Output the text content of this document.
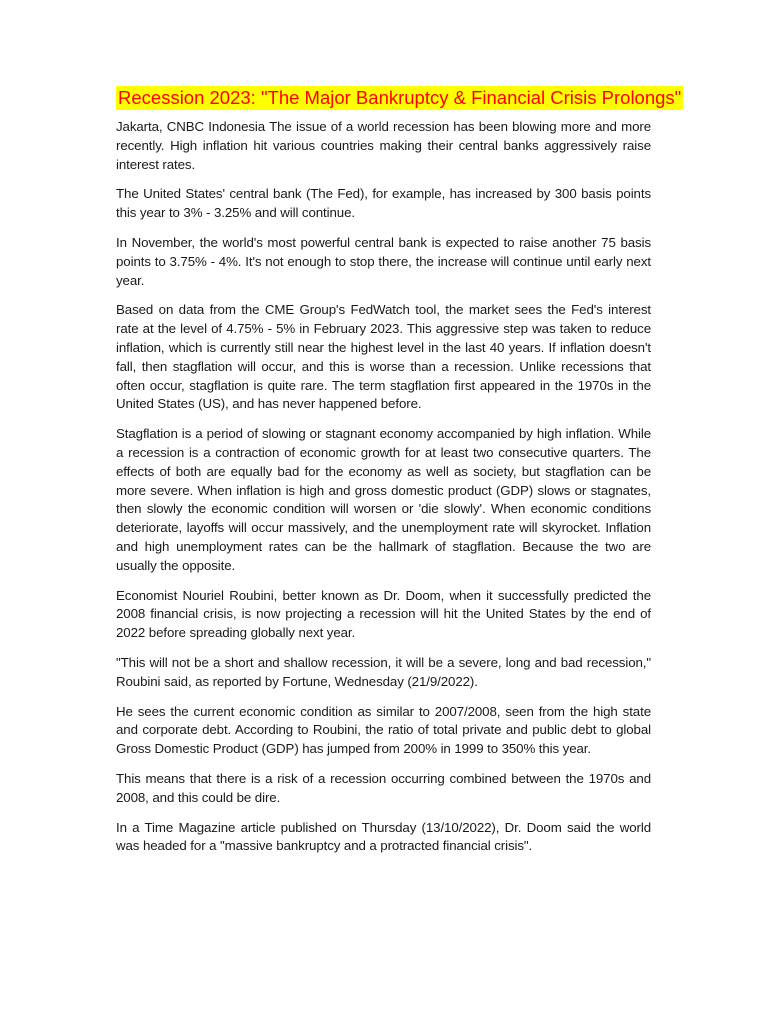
Recession 2023: "The Major Bankruptcy & Financial Crisis Prolongs"

Jakarta, CNBC Indonesia The issue of a world recession has been blowing more and more recently. High inflation hit various countries making their central banks aggressively raise interest rates.

The United States' central bank (The Fed), for example, has increased by 300 basis points this year to 3% - 3.25% and will continue.

In November, the world's most powerful central bank is expected to raise another 75 basis points to 3.75% - 4%. It's not enough to stop there, the increase will continue until early next year.

Based on data from the CME Group's FedWatch tool, the market sees the Fed's interest rate at the level of 4.75% - 5% in February 2023. This aggressive step was taken to reduce inflation, which is currently still near the highest level in the last 40 years. If inflation doesn't fall, then stagflation will occur, and this is worse than a recession. Unlike recessions that often occur, stagflation is quite rare. The term stagflation first appeared in the 1970s in the United States (US), and has never happened before.

Stagflation is a period of slowing or stagnant economy accompanied by high inflation. While a recession is a contraction of economic growth for at least two consecutive quarters. The effects of both are equally bad for the economy as well as society, but stagflation can be more severe. When inflation is high and gross domestic product (GDP) slows or stagnates, then slowly the economic condition will worsen or 'die slowly'. When economic conditions deteriorate, layoffs will occur massively, and the unemployment rate will skyrocket. Inflation and high unemployment rates can be the hallmark of stagflation. Because the two are usually the opposite.

Economist Nouriel Roubini, better known as Dr. Doom, when it successfully predicted the 2008 financial crisis, is now projecting a recession will hit the United States by the end of 2022 before spreading globally next year.

"This will not be a short and shallow recession, it will be a severe, long and bad recession," Roubini said, as reported by Fortune, Wednesday (21/9/2022).

He sees the current economic condition as similar to 2007/2008, seen from the high state and corporate debt. According to Roubini, the ratio of total private and public debt to global Gross Domestic Product (GDP) has jumped from 200% in 1999 to 350% this year.

This means that there is a risk of a recession occurring combined between the 1970s and 2008, and this could be dire.

In a Time Magazine article published on Thursday (13/10/2022), Dr. Doom said the world was headed for a "massive bankruptcy and a protracted financial crisis".
